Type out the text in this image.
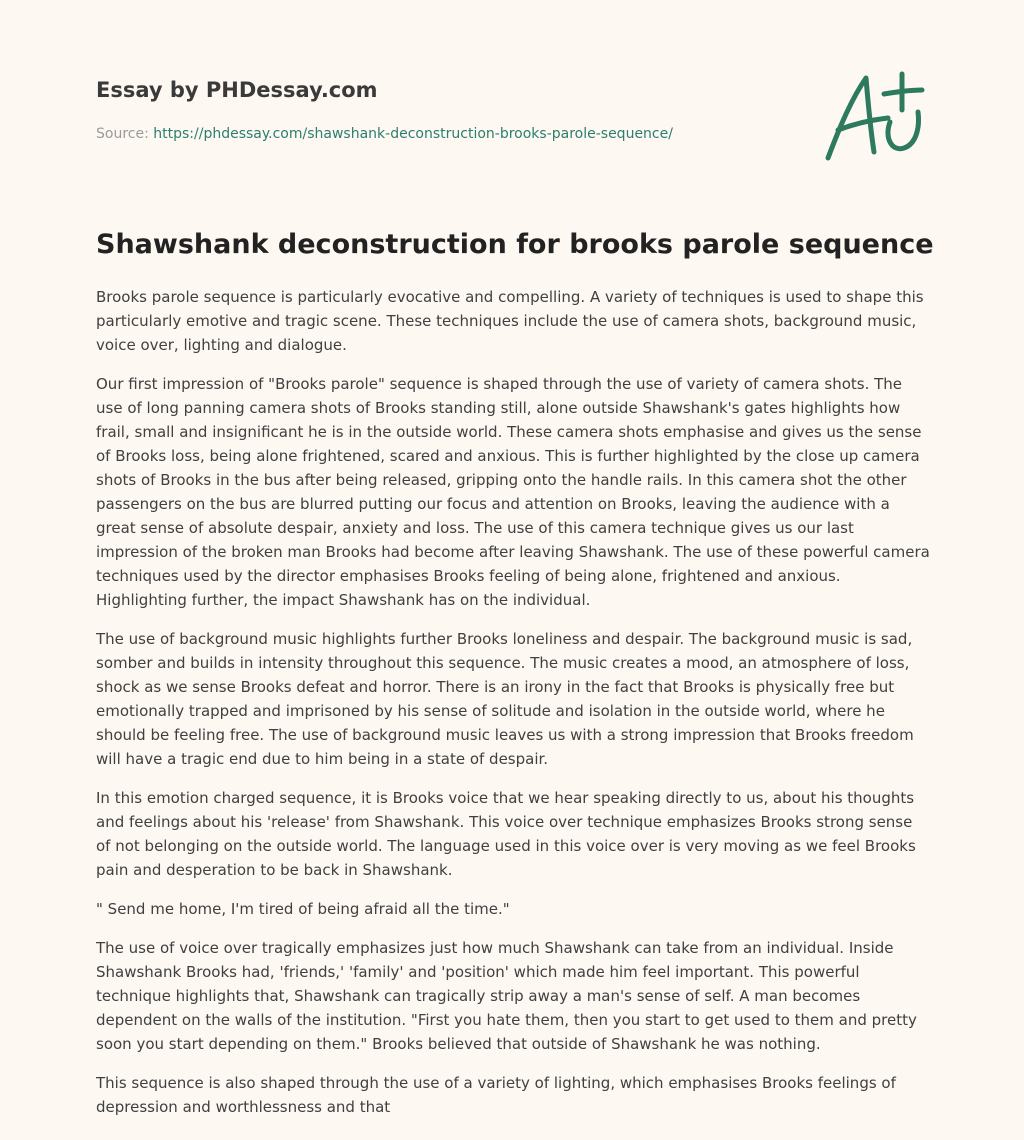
Essay by PHDessay.com
Source: https://phdessay.com/shawshank-deconstruction-brooks-parole-sequence/
Shawshank deconstruction for brooks parole sequence

Brooks parole sequence is particularly evocative and compelling. A variety of techniques is used to shape this particularly emotive and tragic scene. These techniques include the use of camera shots, background music, voice over, lighting and dialogue.

Our first impression of "Brooks parole" sequence is shaped through the use of variety of camera shots. The use of long panning camera shots of Brooks standing still, alone outside Shawshank's gates highlights how frail, small and insignificant he is in the outside world. These camera shots emphasise and gives us the sense of Brooks loss, being alone frightened, scared and anxious. This is further highlighted by the close up camera shots of Brooks in the bus after being released, gripping onto the handle rails. In this camera shot the other passengers on the bus are blurred putting our focus and attention on Brooks, leaving the audience with a great sense of absolute despair, anxiety and loss. The use of this camera technique gives us our last impression of the broken man Brooks had become after leaving Shawshank. The use of these powerful camera techniques used by the director emphasises Brooks feeling of being alone, frightened and anxious. Highlighting further, the impact Shawshank has on the individual.

The use of background music highlights further Brooks loneliness and despair. The background music is sad, somber and builds in intensity throughout this sequence. The music creates a mood, an atmosphere of loss, shock as we sense Brooks defeat and horror. There is an irony in the fact that Brooks is physically free but emotionally trapped and imprisoned by his sense of solitude and isolation in the outside world, where he should be feeling free. The use of background music leaves us with a strong impression that Brooks freedom will have a tragic end due to him being in a state of despair.

In this emotion charged sequence, it is Brooks voice that we hear speaking directly to us, about his thoughts and feelings about his 'release' from Shawshank. This voice over technique emphasizes Brooks strong sense of not belonging on the outside world. The language used in this voice over is very moving as we feel Brooks pain and desperation to be back in Shawshank.

" Send me home, I'm tired of being afraid all the time."

The use of voice over tragically emphasizes just how much Shawshank can take from an individual. Inside Shawshank Brooks had, 'friends,' 'family' and 'position' which made him feel important. This powerful technique highlights that, Shawshank can tragically strip away a man's sense of self. A man becomes dependent on the walls of the institution. "First you hate them, then you start to get used to them and pretty soon you start depending on them." Brooks believed that outside of Shawshank he was nothing.

This sequence is also shaped through the use of a variety of lighting, which emphasises Brooks feelings of depression and worthlessness and that
